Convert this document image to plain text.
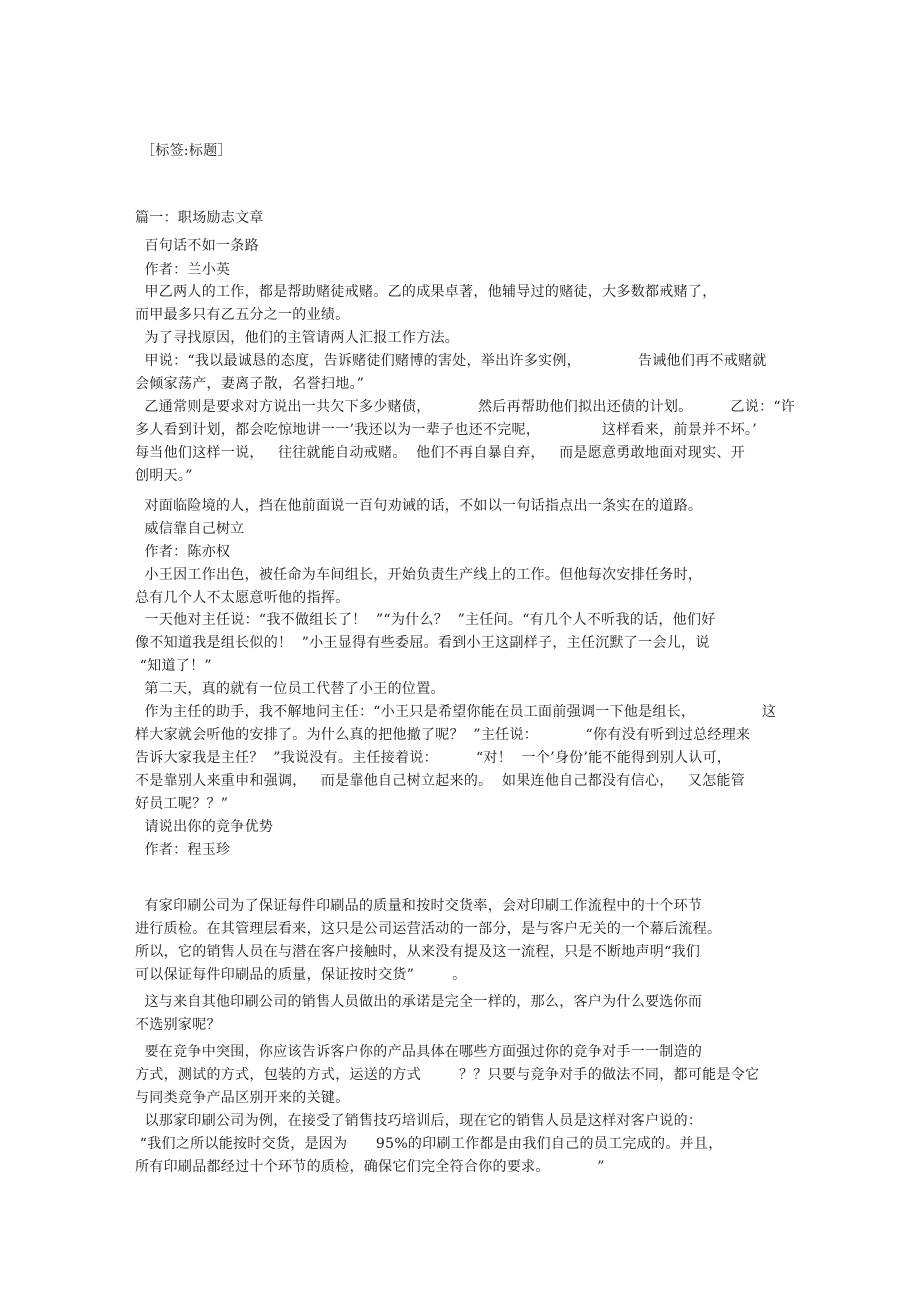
［标签:标题］
篇一：职场励志文章
百句话不如一条路
作者：兰小英
甲乙两人的工作，都是帮助赌徒戒赌。乙的成果卓著，他辅导过的赌徒，大多数都戒赌了，
而甲最多只有乙五分之一的业绩。
为了寻找原因，他们的主管请两人汇报工作方法。
甲说：“我以最诚恳的态度，告诉赌徒们赌博的害处，举出许多实例，            告诫他们再不戒赌就
会倾家荡产，妻离子散，名誉扫地。”
乙通常则是要求对方说出一共欠下多少赌债，          然后再帮助他们拟出还债的计划。        乙说：“许
多人看到计划，都会吃惊地讲一一’我还以为一辈子也还不完呢，             这样看来，前景并不坏。’
每当他们这样一说，   往往就能自动戒赌。  他们不再自暴自弃，   而是愿意勇敢地面对现实、开
创明天。”
对面临险境的人，挡在他前面说一百句劝诫的话，不如以一句话指点出一条实在的道路。
威信靠自己树立
作者：陈亦权
小王因工作出色，被任命为车间组长，开始负责生产线上的工作。但他每次安排任务时，
总有几个人不太愿意听他的指挥。
一天他对主任说：“我不做组长了！  ”“为什么？  ”主任问。“有几个人不听我的话，他们好
像不知道我是组长似的！  ”小王显得有些委屈。看到小王这副样子，主任沉默了一会儿，说
“知道了！”
第二天，真的就有一位员工代替了小王的位置。
作为主任的助手，我不解地问主任：“小王只是希望你能在员工面前强调一下他是组长，              这
样大家就会听他的安排了。为什么真的把他撤了呢？  ”主任说：          “你有没有听到过总经理来
告诉大家我是主任？  ”我说没有。主任接着说：        “对！  一个’身份’能不能得到别人认可，
不是靠别人来重申和强调，   而是靠他自己树立起来的。  如果连他自己都没有信心，   又怎能管
好员工呢？？”
请说出你的竞争优势
作者：程玉珍
有家印刷公司为了保证每件印刷品的质量和按时交货率，会对印刷工作流程中的十个环节
进行质检。在其管理层看来，这只是公司运营活动的一部分，是与客户无关的一个幕后流程。
所以，它的销售人员在与潜在客户接触时，从来没有提及这一流程，只是不断地声明“我们
可以保证每件印刷品的质量，保证按时交货”        。
这与来自其他印刷公司的销售人员做出的承诺是完全一样的，那么，客户为什么要选你而
不选别家呢？
要在竞争中突围，你应该告诉客户你的产品具体在哪些方面强过你的竞争对手一一制造的
方式，测试的方式，包装的方式，运送的方式        ？？只要与竞争对手的做法不同，都可能是令它
与同类竞争产品区别开来的关键。
以那家印刷公司为例，在接受了销售技巧培训后，现在它的销售人员是这样对客户说的：
“我们之所以能按时交货，是因为      95%的印刷工作都是由我们自己的员工完成的。并且，
所有印刷品都经过十个环节的质检，确保它们完全符合你的要求。          ”
